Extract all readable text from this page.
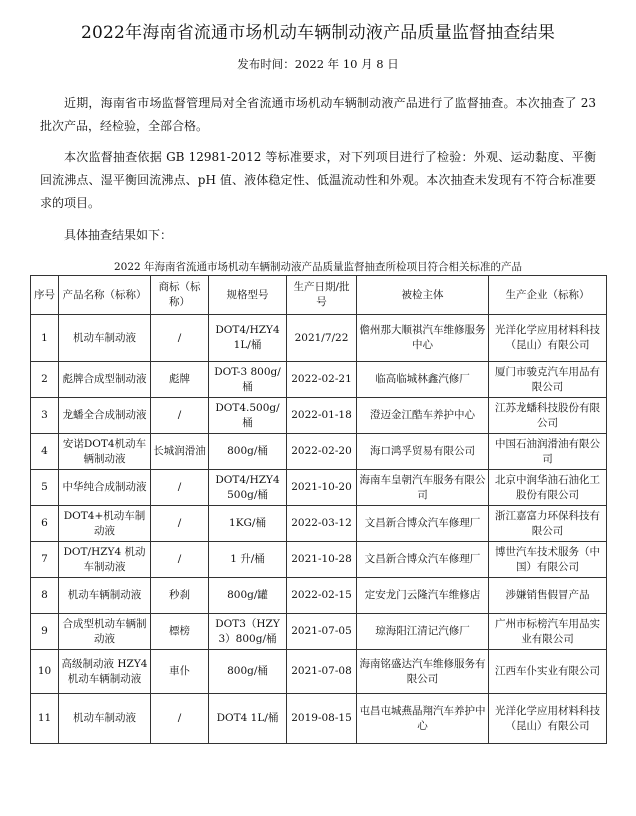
2022年海南省流通市场机动车辆制动液产品质量监督抽查结果
发布时间：2022 年 10 月 8 日

近期，海南省市场监督管理局对全省流通市场机动车辆制动液产品进行了监督抽查。本次抽查了 23 批次产品，经检验，全部合格。

本次监督抽查依据 GB 12981-2012 等标准要求，对下列项目进行了检验：外观、运动黏度、平衡回流沸点、湿平衡回流沸点、pH 值、液体稳定性、低温流动性和外观。本次抽查未发现有不符合标准要求的项目。

具体抽查结果如下：

2022 年海南省流通市场机动车辆制动液产品质量监督抽查所检项目符合相关标准的产品
序号	产品名称（标称）	商标（标称）	规格型号	生产日期/批号	被检主体	生产企业（标称）
1	机动车制动液	/	DOT4/HZY4 1L/桶	2021/7/22	儋州那大顺祺汽车维修服务中心	光洋化学应用材料科技（昆山）有限公司
2	彪牌合成型制动液	彪牌	DOT-3 800g/桶	2022-02-21	临高临城林鑫汽修厂	厦门市骏克汽车用品有限公司
3	龙蟠全合成制动液	/	DOT4.500g/桶	2022-01-18	澄迈金江酷车养护中心	江苏龙蟠科技股份有限公司
4	安诺DOT4机动车辆制动液	长城润滑油	800g/桶	2022-02-20	海口鸿孚贸易有限公司	中国石油润滑油有限公司
5	中华纯合成制动液	/	DOT4/HZY4 500g/桶	2021-10-20	海南车皇朝汽车服务有限公司	北京中润华油石油化工股份有限公司
6	DOT4+机动车制动液	/	1KG/桶	2022-03-12	文昌新合博众汽车修理厂	浙江嘉富力环保科技有限公司
7	DOT/HZY4 机动车制动液	/	1 升/桶	2021-10-28	文昌新合博众汽车修理厂	博世汽车技术服务（中国）有限公司
8	机动车辆制动液	秒刹	800g/罐	2022-02-15	定安龙门云隆汽车维修店	涉嫌销售假冒产品
9	合成型机动车辆制动液	標榜	DOT3（HZY3）800g/桶	2021-07-05	琼海阳江清记汽修厂	广州市标榜汽车用品实业有限公司
10	高级制动液 HZY4 机动车辆制动液	車仆	800g/桶	2021-07-08	海南铭盛达汽车维修服务有限公司	江西车仆实业有限公司
11	机动车制动液	/	DOT4 1L/桶	2019-08-15	屯昌屯城燕晶翔汽车养护中心	光洋化学应用材料科技（昆山）有限公司
